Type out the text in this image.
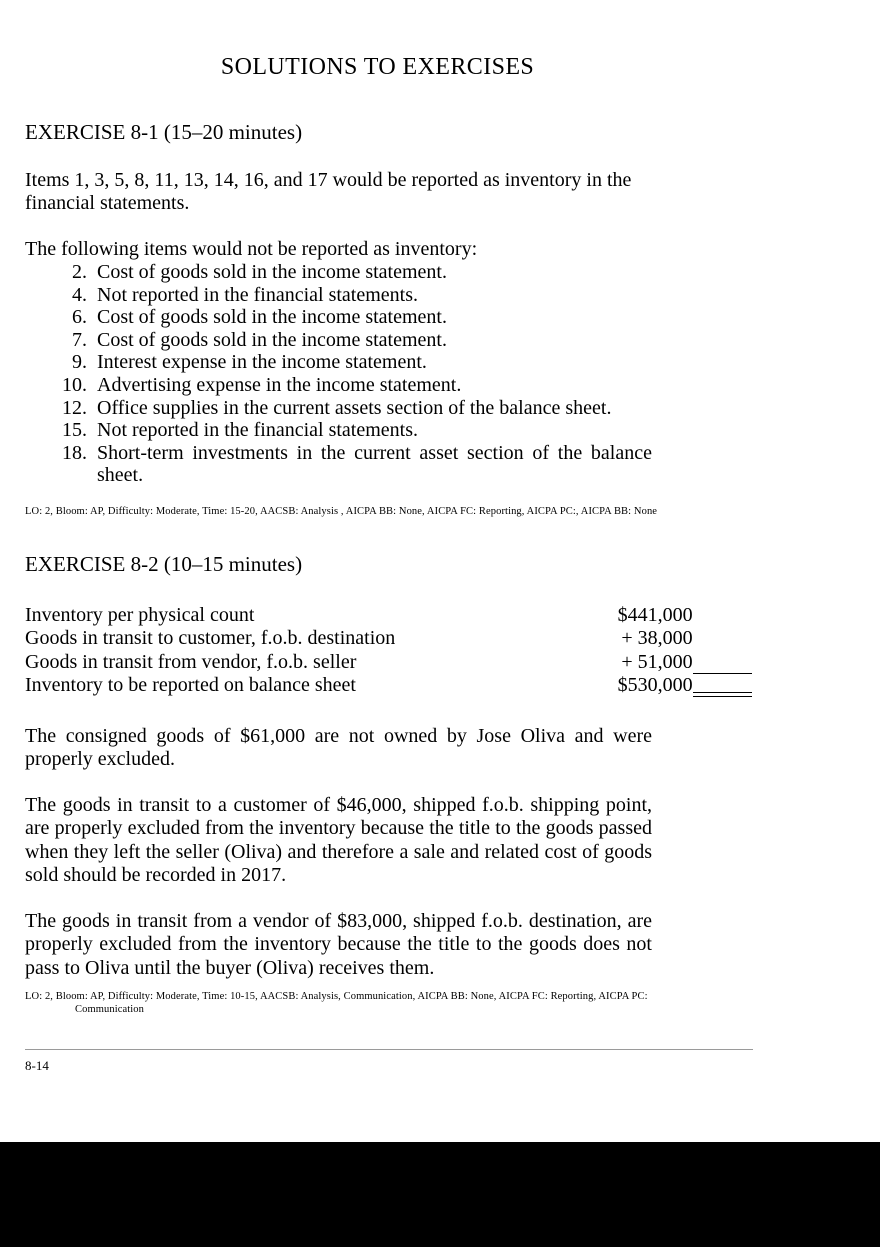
SOLUTIONS TO EXERCISES
EXERCISE 8-1 (15–20 minutes)

Items 1, 3, 5, 8, 11, 13, 14, 16, and 17 would be reported as inventory in the financial statements.

The following items would not be reported as inventory:

2. Cost of goods sold in the income statement.
4. Not reported in the financial statements.
6. Cost of goods sold in the income statement.
7. Cost of goods sold in the income statement.
9. Interest expense in the income statement.
10. Advertising expense in the income statement.
12. Office supplies in the current assets section of the balance sheet.
15. Not reported in the financial statements.
18. Short-term investments in the current asset section of the balance sheet.

LO: 2, Bloom: AP, Difficulty: Moderate, Time: 15-20, AACSB: Analysis , AICPA BB: None, AICPA FC: Reporting, AICPA PC:, AICPA BB: None

EXERCISE 8-2 (10–15 minutes)
Inventory per physical count	$441,000	
Goods in transit to customer, f.o.b. destination	+ 38,000	
Goods in transit from vendor, f.o.b. seller	+ 51,000	

Inventory to be reported on balance sheet	$530,000	

The consigned goods of $61,000 are not owned by Jose Oliva and were properly excluded.

The goods in transit to a customer of $46,000, shipped f.o.b. shipping point, are properly excluded from the inventory because the title to the goods passed when they left the seller (Oliva) and therefore a sale and related cost of goods sold should be recorded in 2017.

The goods in transit from a vendor of $83,000, shipped f.o.b. destination, are properly excluded from the inventory because the title to the goods does not pass to Oliva until the buyer (Oliva) receives them.

LO: 2, Bloom: AP, Difficulty: Moderate, Time: 10-15, AACSB: Analysis, Communication, AICPA BB: None, AICPA FC: Reporting, AICPA PC:

Communication

8-14
